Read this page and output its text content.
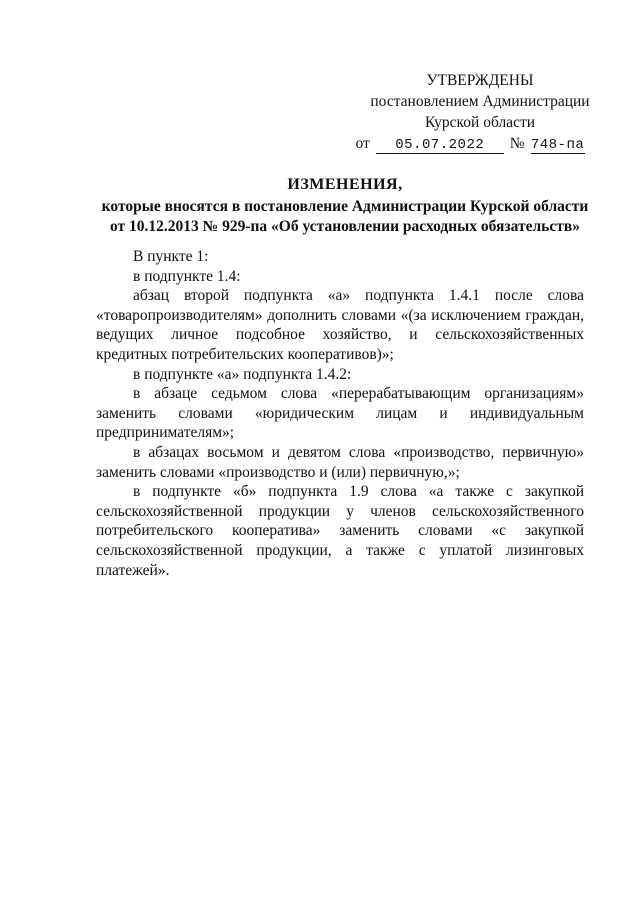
УТВЕРЖДЕНЫ
постановлением Администрации
Курской области
от	05.07.2022	№ 748-па
ИЗМЕНЕНИЯ,
которые вносятся в постановление Администрации Курской области
от 10.12.2013 № 929-па «Об установлении расходных обязательств»

В пункте 1:

в подпункте 1.4:

абзац второй подпункта «а» подпункта 1.4.1 после слова «товаропроизводителям» дополнить словами «(за исключением граждан, ведущих личное подсобное хозяйство, и сельскохозяйственных кредитных потребительских кооперативов)»;

в подпункте «а» подпункта 1.4.2:

в абзаце седьмом слова «перерабатывающим организациям» заменить словами «юридическим лицам и индивидуальным предпринимателям»;

в абзацах восьмом и девятом слова «производство, первичную» заменить словами «производство и (или) первичную,»;

в подпункте «б» подпункта 1.9 слова «а также с закупкой сельскохозяйственной продукции у членов сельскохозяйственного потребительского кооператива» заменить словами «с закупкой сельскохозяйственной продукции, а также с уплатой лизинговых платежей».
